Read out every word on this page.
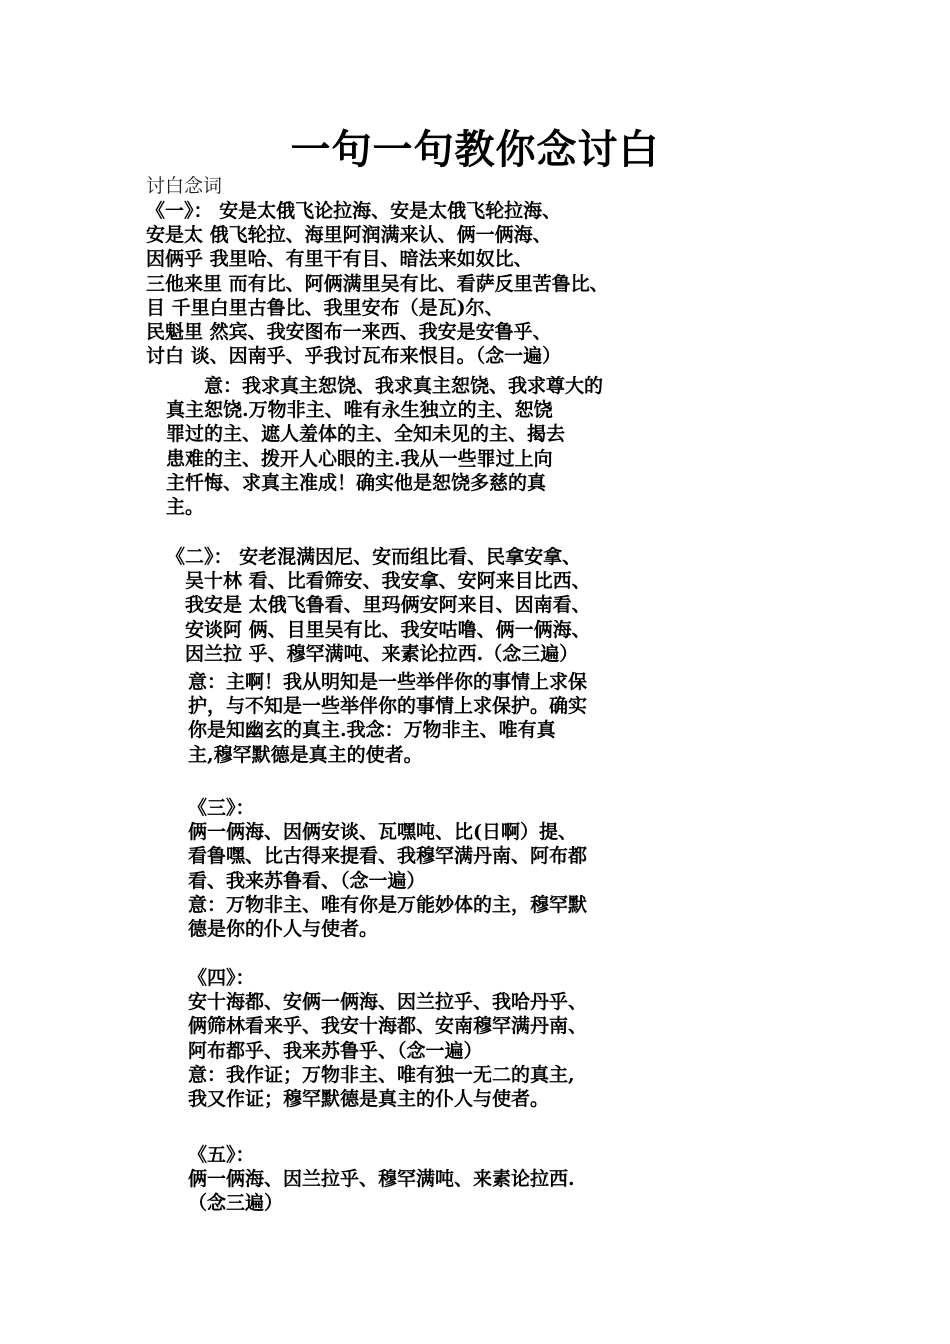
一句一句教你念讨白
讨白念词
《一》： 安是太俄飞论拉海、安是太俄飞轮拉海、
安是太 俄飞轮拉、海里阿润满来认、俩一俩海、
因俩乎 我里哈、有里干有目、暗法来如奴比、
三他来里 而有比、阿俩满里吴有比、看萨反里苦鲁比、
目 千里白里古鲁比、我里安布（是瓦)尔、
民魁里 然宾、我安图布一来西、我安是安鲁乎、
讨白 谈、因南乎、乎我讨瓦布来恨目。（念一遍）
　　意：我求真主恕饶、我求真主恕饶、我求尊大的
真主恕饶.万物非主、唯有永生独立的主、恕饶
罪过的主、遮人羞体的主、全知未见的主、揭去
患难的主、拨开人心眼的主.我从一些罪过上向
主忏悔、求真主准成！确实他是恕饶多慈的真
主。
《二》： 安老混满因尼、安而组比看、民拿安拿、
　吴十林 看、比看筛安、我安拿、安阿来目比西、
　我安是 太俄飞鲁看、里玛俩安阿来目、因南看、
　安谈阿 俩、目里吴有比、我安咕噜、俩一俩海、
　因兰拉 乎、穆罕满吨、来素论拉西.（念三遍）
意：主啊！我从明知是一些举伴你的事情上求保
护，与不知是一些举伴你的事情上求保护。确实
你是知幽玄的真主.我念：万物非主、唯有真
主,穆罕默德是真主的使者。
《三》：
俩一俩海、因俩安谈、瓦嘿吨、比(日啊）提、
看鲁嘿、比古得来提看、我穆罕满丹南、阿布都
看、我来苏鲁看、（念一遍）
意：万物非主、唯有你是万能妙体的主，穆罕默
德是你的仆人与使者。
《四》：
安十海都、安俩一俩海、因兰拉乎、我哈丹乎、
俩筛林看来乎、我安十海都、安南穆罕满丹南、
阿布都乎、我来苏鲁乎、（念一遍）
意：我作证；万物非主、唯有独一无二的真主,
我又作证；穆罕默德是真主的仆人与使者。
《五》：
俩一俩海、因兰拉乎、穆罕满吨、来素论拉西.
（念三遍）
